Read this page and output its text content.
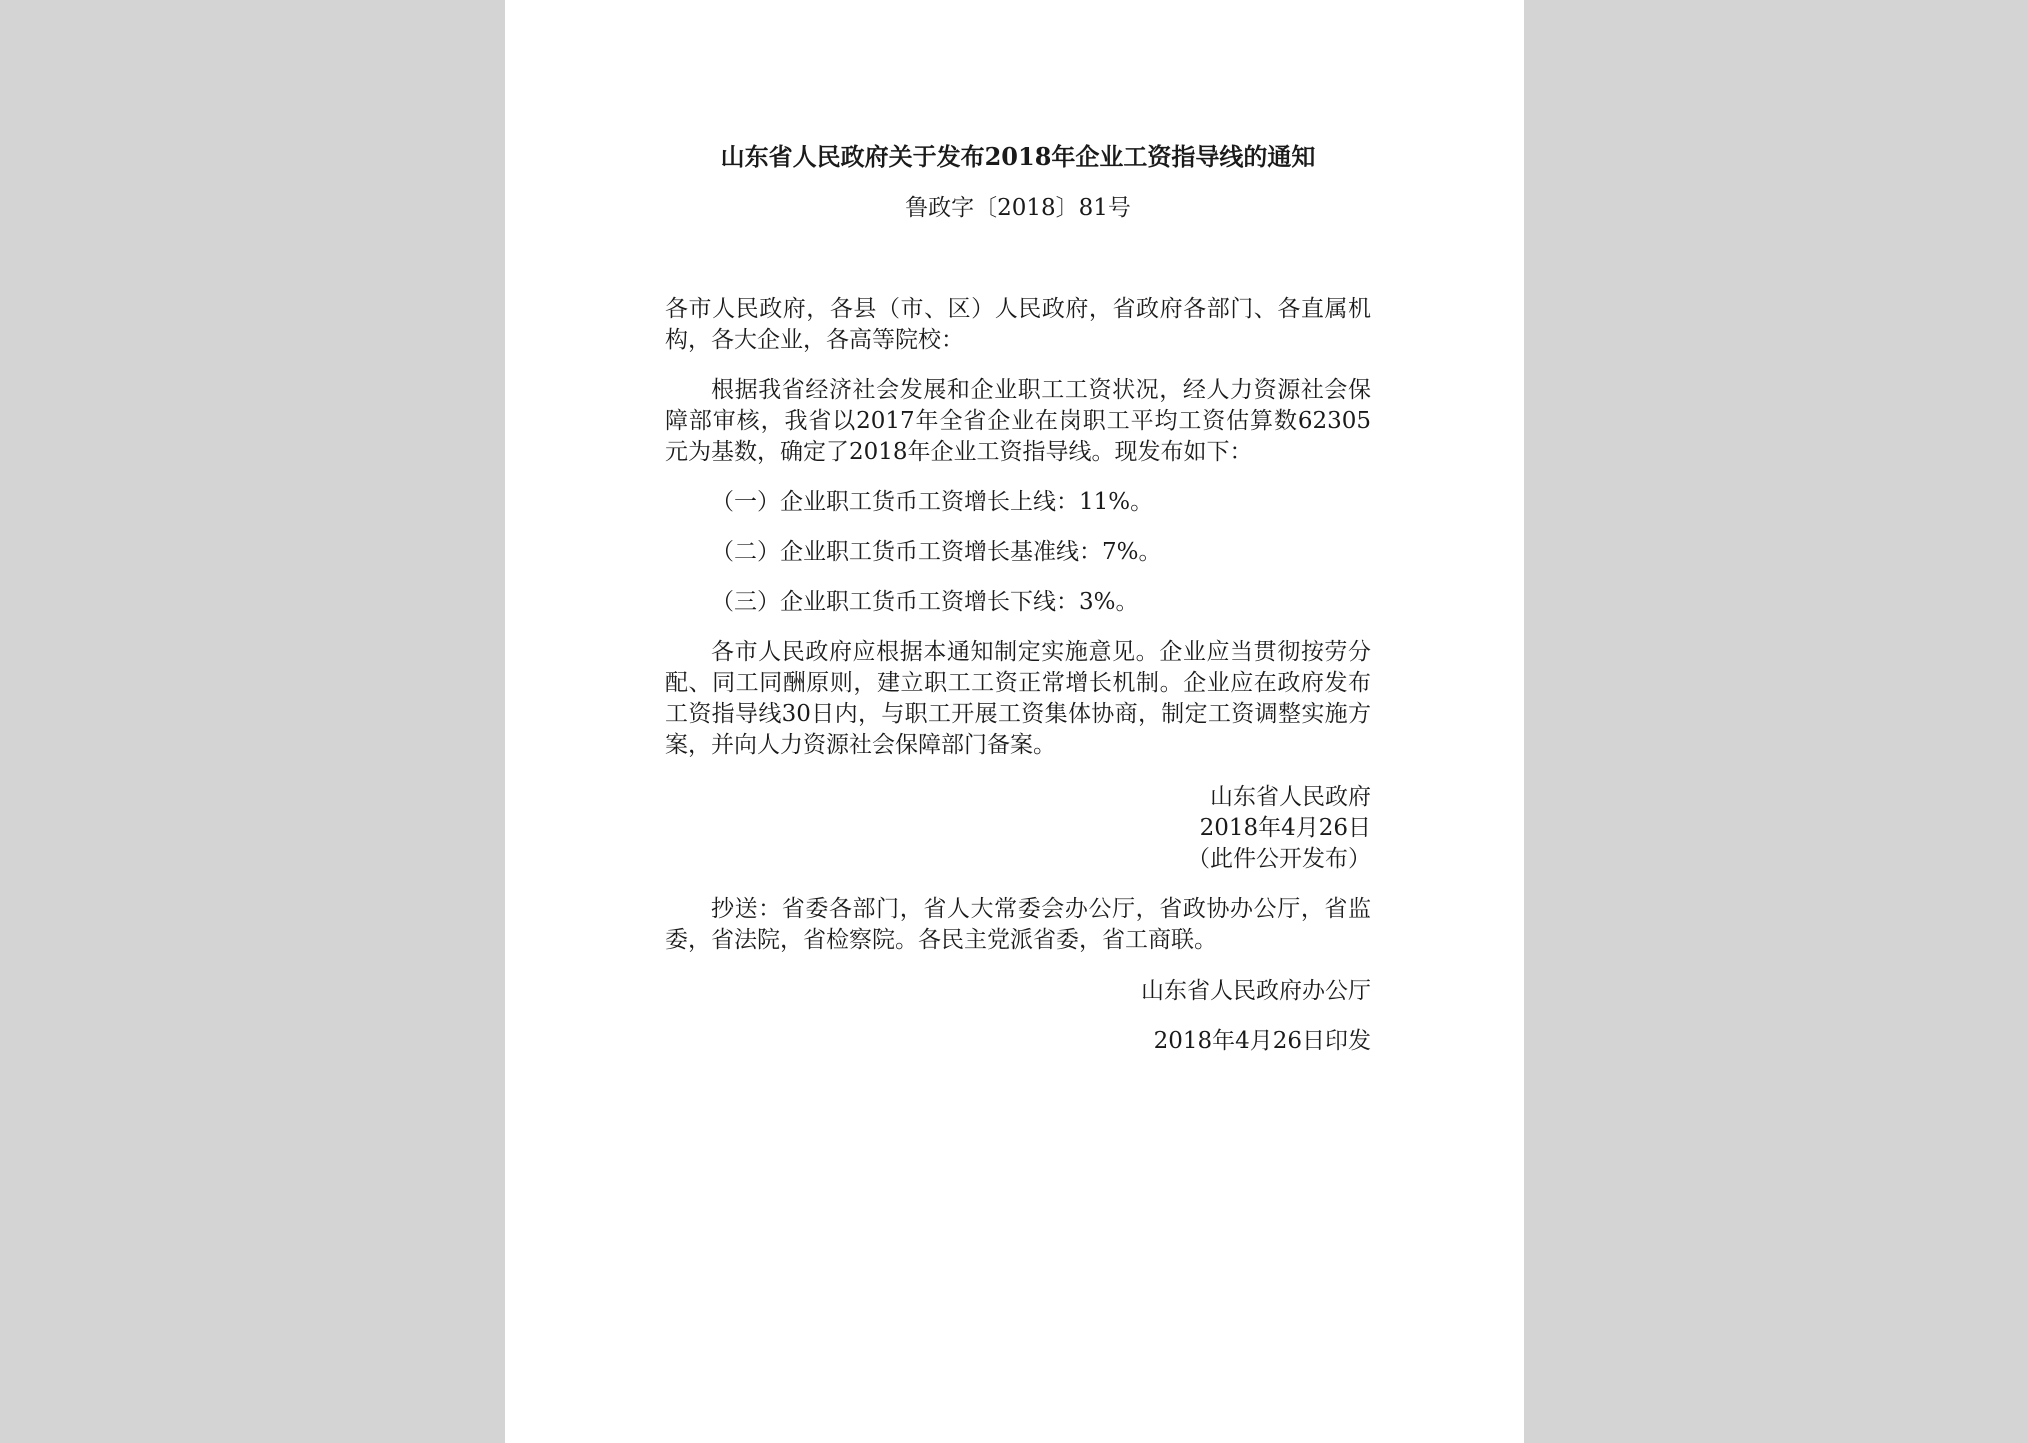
山东省人民政府关于发布2018年企业工资指导线的通知
鲁政字〔2018〕81号

各市人民政府，各县（市、区）人民政府，省政府各部门、各直属机构，各大企业，各高等院校：

根据我省经济社会发展和企业职工工资状况，经人力资源社会保障部审核，我省以2017年全省企业在岗职工平均工资估算数62305元为基数，确定了2018年企业工资指导线。现发布如下：

（一）企业职工货币工资增长上线：11%。

（二）企业职工货币工资增长基准线：7%。

（三）企业职工货币工资增长下线：3%。

各市人民政府应根据本通知制定实施意见。企业应当贯彻按劳分配、同工同酬原则，建立职工工资正常增长机制。企业应在政府发布工资指导线30日内，与职工开展工资集体协商，制定工资调整实施方案，并向人力资源社会保障部门备案。

山东省人民政府

2018年4月26日

（此件公开发布）

抄送：省委各部门，省人大常委会办公厅，省政协办公厅，省监委，省法院，省检察院。各民主党派省委，省工商联。

山东省人民政府办公厅

2018年4月26日印发
